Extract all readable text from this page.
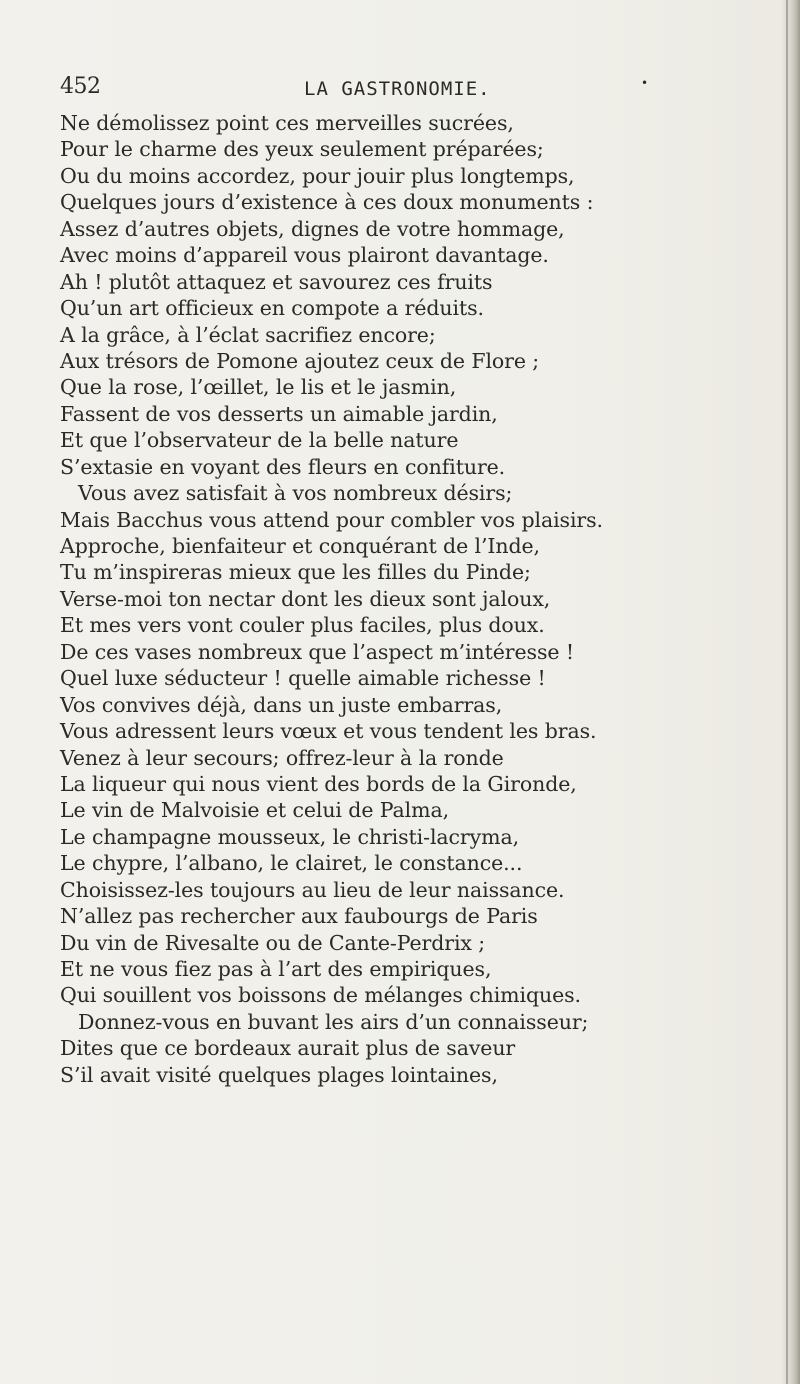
452	LA GASTRONOMIE.	•
Ne démolissez point ces merveilles sucrées,
Pour le charme des yeux seulement préparées;
Ou du moins accordez, pour jouir plus longtemps,
Quelques jours d’existence à ces doux monuments :
Assez d’autres objets, dignes de votre hommage,
Avec moins d’appareil vous plairont davantage.
Ah ! plutôt attaquez et savourez ces fruits
Qu’un art officieux en compote a réduits.
A la grâce, à l’éclat sacrifiez encore;
Aux trésors de Pomone ajoutez ceux de Flore ;
Que la rose, l’œillet, le lis et le jasmin,
Fassent de vos desserts un aimable jardin,
Et que l’observateur de la belle nature
S’extasie en voyant des fleurs en confiture.
Vous avez satisfait à vos nombreux désirs;
Mais Bacchus vous attend pour combler vos plaisirs.
Approche, bienfaiteur et conquérant de l’Inde,
Tu m’inspireras mieux que les filles du Pinde;
Verse-moi ton nectar dont les dieux sont jaloux,
Et mes vers vont couler plus faciles, plus doux.
De ces vases nombreux que l’aspect m’intéresse !
Quel luxe séducteur ! quelle aimable richesse !
Vos convives déjà, dans un juste embarras,
Vous adressent leurs vœux et vous tendent les bras.
Venez à leur secours; offrez-leur à la ronde
La liqueur qui nous vient des bords de la Gironde,
Le vin de Malvoisie et celui de Palma,
Le champagne mousseux, le christi-lacryma,
Le chypre, l’albano, le clairet, le constance...
Choisissez-les toujours au lieu de leur naissance.
N’allez pas rechercher aux faubourgs de Paris
Du vin de Rivesalte ou de Cante-Perdrix ;
Et ne vous fiez pas à l’art des empiriques,
Qui souillent vos boissons de mélanges chimiques.
Donnez-vous en buvant les airs d’un connaisseur;
Dites que ce bordeaux aurait plus de saveur
S’il avait visité quelques plages lointaines,
